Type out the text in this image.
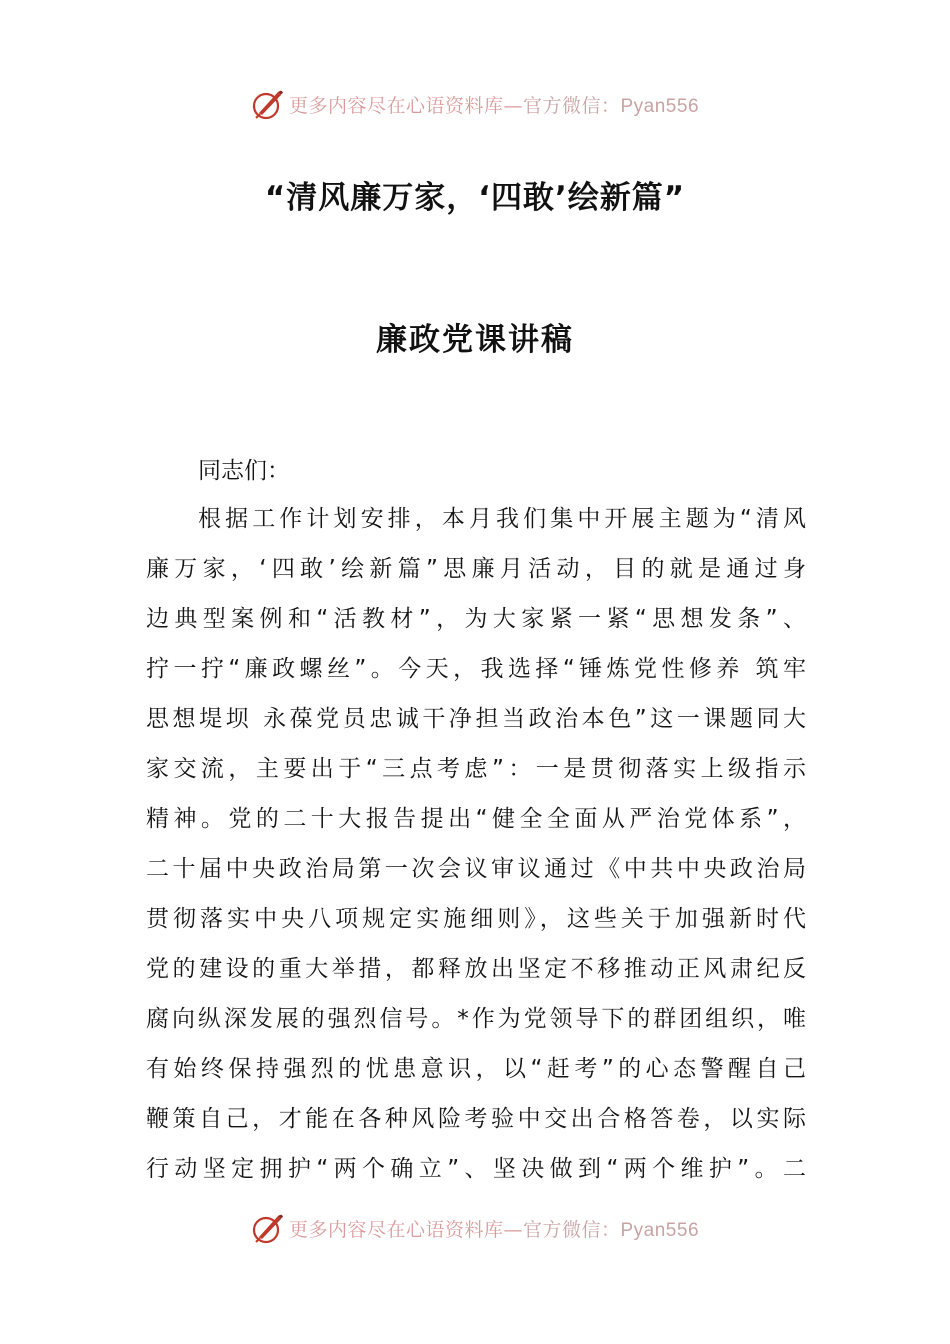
更多内容尽在心语资料库—官方微信：Pyan556
“清风廉万家，‘四敢’绘新篇”
廉政党课讲稿
同志们：
根据工作计划安排，本月我们集中开展主题为“清风
廉万家，‘四敢’绘新篇”思廉月活动，目的就是通过身
边典型案例和“活教材”，为大家紧一紧“思想发条”、
拧一拧“廉政螺丝”。今天，我选择“锤炼党性修养 筑牢
思想堤坝 永葆党员忠诚干净担当政治本色”这一课题同大
家交流，主要出于“三点考虑”：一是贯彻落实上级指示
精神。党的二十大报告提出“健全全面从严治党体系”，
二十届中央政治局第一次会议审议通过《中共中央政治局
贯彻落实中央八项规定实施细则》，这些关于加强新时代
党的建设的重大举措，都释放出坚定不移推动正风肃纪反
腐向纵深发展的强烈信号。*作为党领导下的群团组织，唯
有始终保持强烈的忧患意识，以“赶考”的心态警醒自己
鞭策自己，才能在各种风险考验中交出合格答卷，以实际
行动坚定拥护“两个确立”、坚决做到“两个维护”。二
更多内容尽在心语资料库—官方微信：Pyan556
